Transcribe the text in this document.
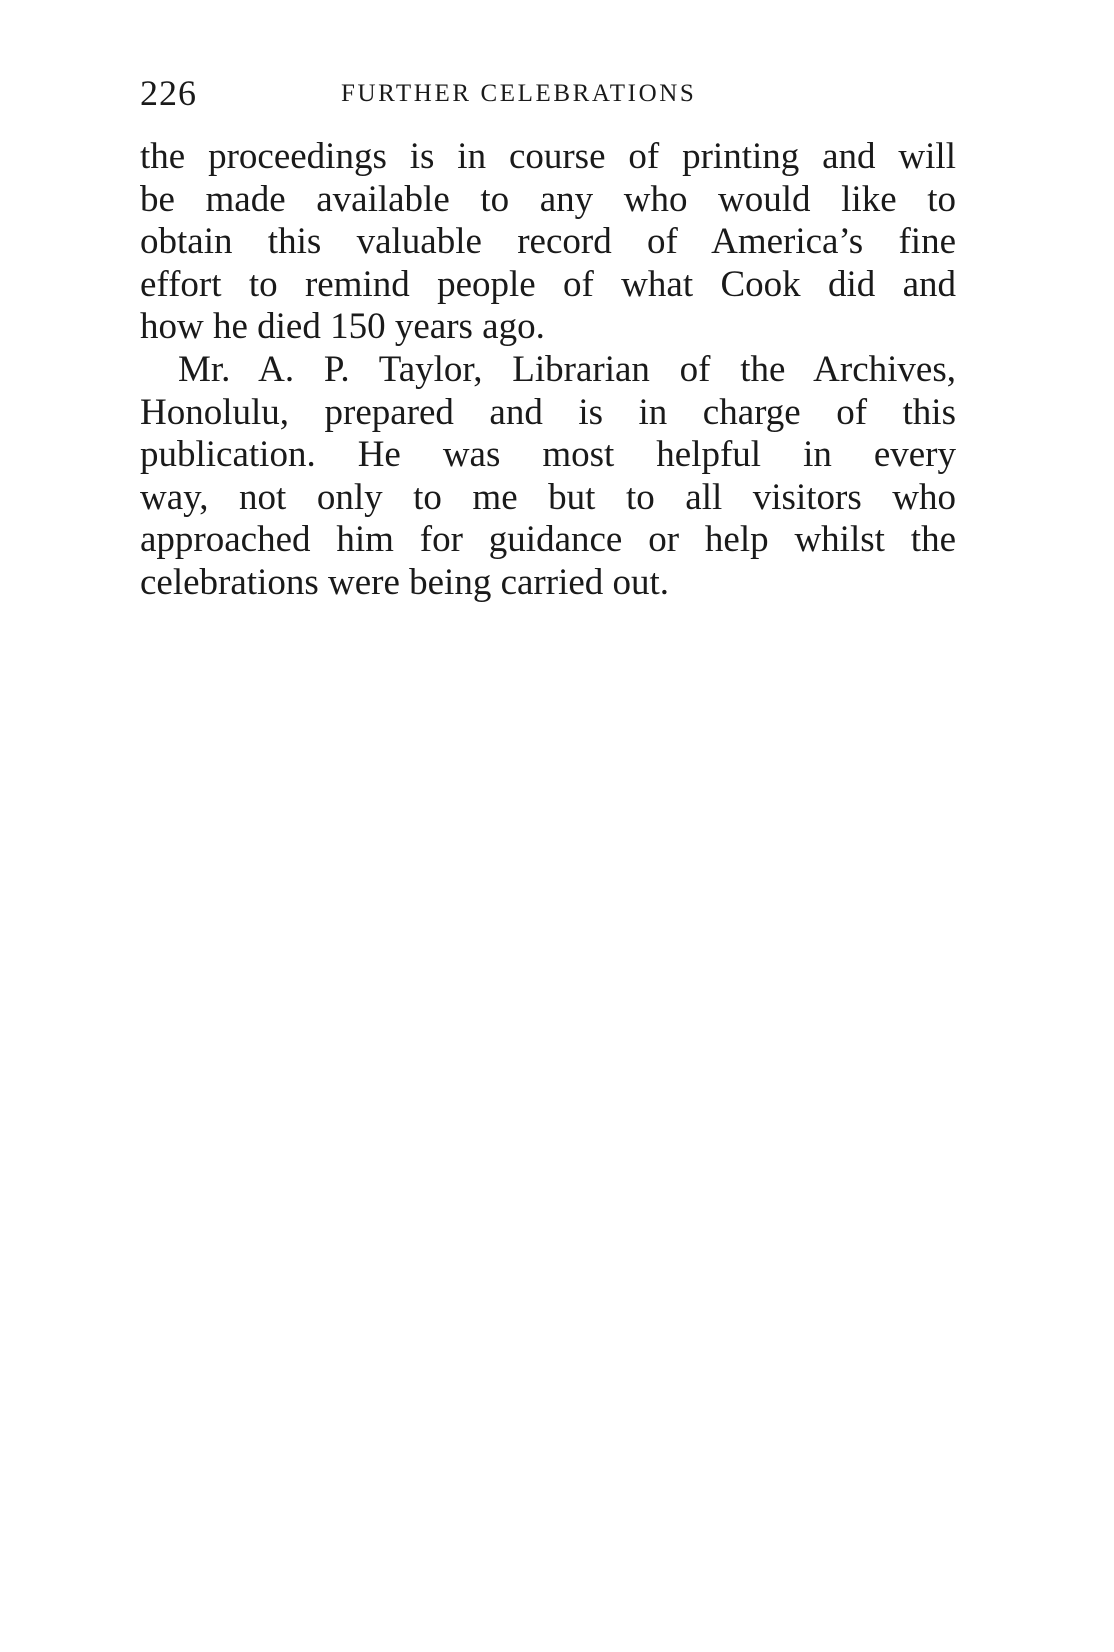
226	FURTHER CELEBRATIONS
the proceedings is in course of printing and will
be made available to any who would like to
obtain this valuable record of America’s fine
effort to remind people of what Cook did and
how he died 150 years ago.
Mr. A. P. Taylor, Librarian of the Archives,
Honolulu, prepared and is in charge of this
publication. He was most helpful in every
way, not only to me but to all visitors who
approached him for guidance or help whilst the
celebrations were being carried out.
